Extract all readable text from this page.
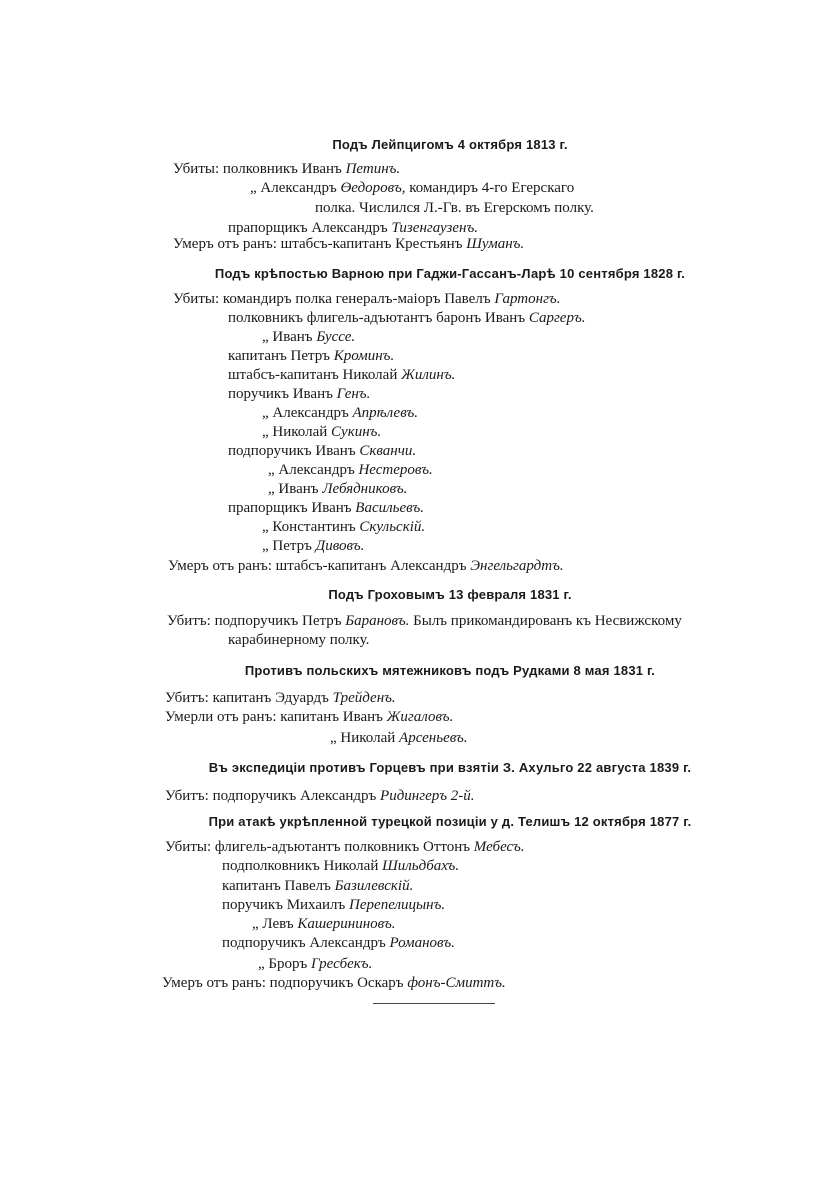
Подъ Лейпцигомъ 4 октября 1813 г.
Убиты: полковникъ Иванъ Петинъ.
„ Александръ Өедоровъ, командиръ 4-го Егерскаго
полка. Числился Л.-Гв. въ Егерскомъ полку.
прапорщикъ Александръ Тизенгаузенъ.
Умеръ отъ ранъ: штабсъ-капитанъ Крестьянъ Шуманъ.
Подъ крѣпостью Варною при Гаджи-Гассанъ-Ларѣ 10 сентября 1828 г.
Убиты: командиръ полка генералъ-маіоръ Павелъ Гартонгъ.
полковникъ флигель-адъютантъ баронъ Иванъ Саргеръ.
„ Иванъ Буссе.
капитанъ Петръ Кроминъ.
штабсъ-капитанъ Николай Жилинъ.
поручикъ Иванъ Генъ.
„ Александръ Апрѣлевъ.
„ Николай Сукинъ.
подпоручикъ Иванъ Скванчи.
„ Александръ Нестеровъ.
„ Иванъ Лебядниковъ.
прапорщикъ Иванъ Васильевъ.
„ Константинъ Скульскій.
„ Петръ Дивовъ.
Умеръ отъ ранъ: штабсъ-капитанъ Александръ Энгельгардтъ.
Подъ Гроховымъ 13 февраля 1831 г.
Убитъ: подпоручикъ Петръ Барановъ. Былъ прикомандированъ къ Несвижскому
карабинерному полку.
Противъ польскихъ мятежниковъ подъ Рудками 8 мая 1831 г.
Убитъ: капитанъ Эдуардъ Трейденъ.
Умерли отъ ранъ: капитанъ Иванъ Жигаловъ.
„ Николай Арсеньевъ.
Въ экспедиціи противъ Горцевъ при взятіи З. Ахульго 22 августа 1839 г.
Убитъ: подпоручикъ Александръ Ридингеръ 2-й.
При атакѣ укрѣпленной турецкой позиціи у д. Телишъ 12 октября 1877 г.
Убиты: флигель-адъютантъ полковникъ Оттонъ Мебесъ.
подполковникъ Николай Шильдбахъ.
капитанъ Павелъ Базилевскій.
поручикъ Михаилъ Перепелицынъ.
„ Левъ Кашерининовъ.
подпоручикъ Александръ Романовъ.
„ Броръ Гресбекъ.
Умеръ отъ ранъ: подпоручикъ Оскаръ фонъ-Смиттъ.
